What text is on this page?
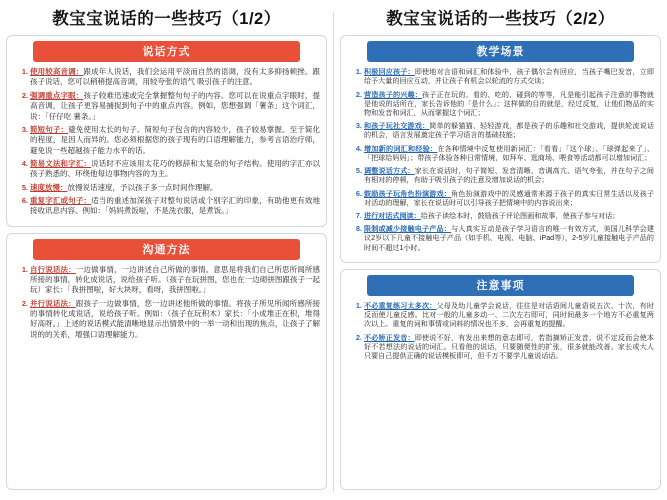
教宝宝说话的一些技巧（1/2）
说话方式
1. 使用较高音调：跟成年人说话，我们会运用平淡而自然的语调，没有太多抑扬顿挫。跟孩子说话，您可以稍稍提高音调，用较夸张的语气 吸引孩子的注意。
2. 强调重点字眼：孩子较难迅速或完全掌握整句句子的内容。您可以在说重点字眼时，提高音调，让孩子更容易捕捉到句子中的重点内容。例如，您想强调「薯条」这个词汇，说：「仔仔吃 薯条。」
3. 简短句子：避免使用太长的句子。简短句子包含的内容较少，孩子较易掌握。至于简化的程度，是因人而异的。您必须根据您的孩子现有的口语理解能力，参考言语治疗师，避免说一些超越孩子能力水平的话。
4. 简易文法和字汇：说话时不应该用太花巧的修辞和太复杂的句子结构。使用的字汇亦以孩子熟悉的、环绕他每边事物内容的为主。
5. 速度放慢：放慢说话速度，予以孩子多一点时间作理解。
6. 重复字汇或句子：适当的重述加深孩子对整句说话或个别字汇的印象，有助他更有效地接收讯息内容。例如：「妈妈煮饭啦，不是洗衣服，是煮饭。」
沟通方法
1. 自行说话法：一边做事情，一边讲述自己所做的事情。意思是将我们自己所思所闻所感所接的事情，转化成说话，说给孩子听。（孩子在玩拼图，您也在一边砌拼图跟孩子一起玩）家长：「我拼图啦，好大块呀，看呀，我拼图啦。」
2. 并行说话法：跟孩子一边做事情，您一边讲述他所做的事情。将孩子所见所闻所感所接的事情转化成说话，说给孩子听。例如：（孩子在玩积木）家长：「小成堆正在积，堆得好高呀。」上述的说话模式能清晰地显示出情景中的一举一动和出现的焦点，让孩子了解说的的关系，增强口语理解能力。
教宝宝说话的一些技巧（2/2）
教学场景
1. 积极回应孩子：即使地对言语和词汇和体验中，孩子偶尔会有回应，当孩子嘴巴发音，立即给予大量的回应互动，并让孩子有机会以轮流的方式交谈；
2. 营造孩子的兴趣：孩子正在玩的、看的、吃的、碰到的等等，凡是能引起孩子注意的事物就是他说的话所在，家长告诉他的「是什么」；这样做的目的就是，经过反复，让他们物品的实物和发音和词汇，从而掌握这个词汇；
3. 和孩子玩社交游戏：简单的躲猫猫、轻轻游戏，都是孩子的乐趣和社交游戏，提供轮流说话的机会，语言发展奠定孩子学习语言的基础技能；
4. 增加新的词汇和经验：在各种情境中反复使用新词汇：「看看」「这个球」、「球弹起来了」、「把球给妈妈」；带孩子体验各种日常情境，如拜车、逛商场、喂食等活动都可以增加词汇；
5. 调整说话方式：家长在说话时，句子简短、发音清晰、音调高亢、语气夸张，并在句子之间有相对的停顿，有助于吸引孩子的注意及增加说话的机会；
6. 鼓励孩子玩角色扮演游戏：角色扮演游戏中的灵感通常来源于孩子的真实日常生活以及孩子对活动的理解，家长在说话时可以引导孩子把情境中的内容说出来；
7. 进行对话式阅读：给孩子读绘本时，鼓励孩子评论图画和故事，使孩子参与对话；
8. 限制或减少接触电子产品：与人真实互动是孩子学习语言的唯一有效方式，美国儿科学会建议2岁以下儿童不接触电子产品（如手机、电视、电脑、iPad等），2-5岁儿童接触电子产品的时间不超过1小时。
注意事项
1. 不必重复练习太多次：父母及幼儿童学会说话，往往是对话语间儿童语说五次、十次，有时反而使儿童反感。比对一般的儿童多动一、二次左右即可，同时间最多一个地方不必重复两次以上。重复的词和事情或词料的情况也不多，会再重复的提醒。
2. 不必矫正发音：即使说不好，有发出来想的意志即可，若指摘矫正发音，说不定反而会使本好不若想法的说话的词汇。只看他的说话，只要随便性的扩张，很多就能改善。家长或大人只要自己提供正确的说话模板即可，但千万不要学儿童说话话。
